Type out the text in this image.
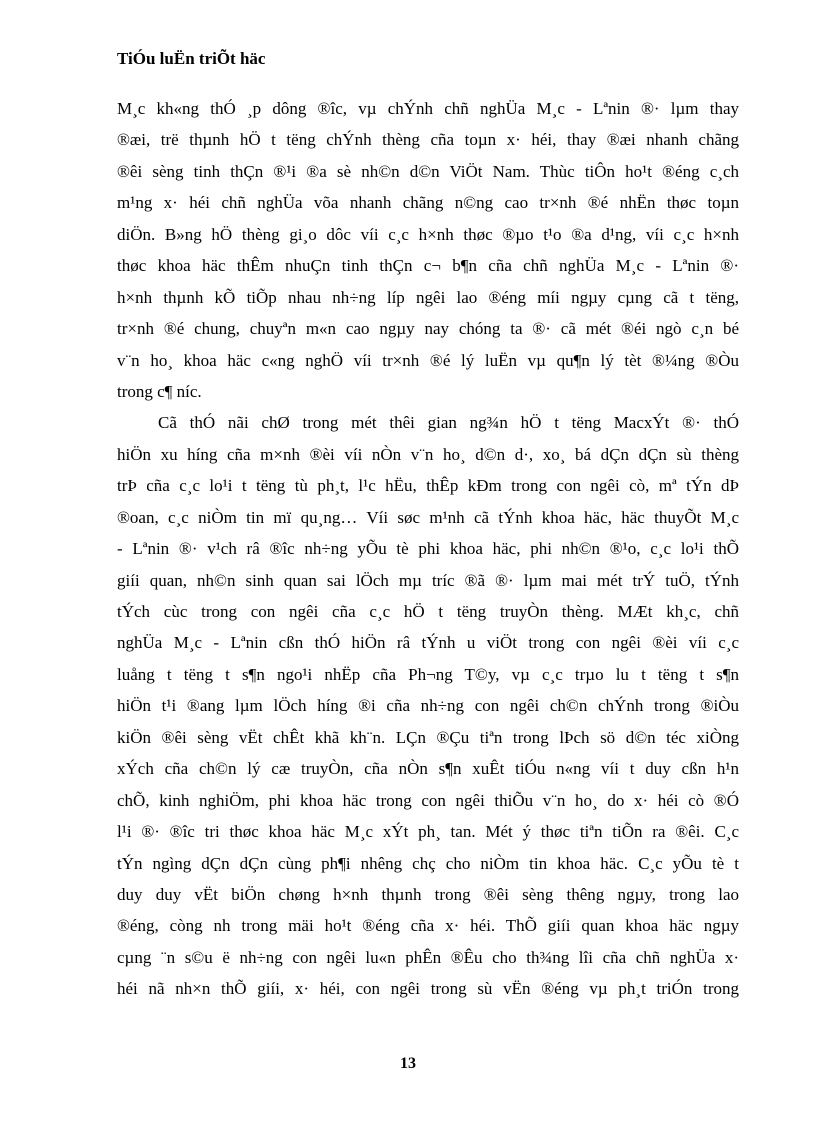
TiÓu luËn triÕt häc
M¸c kh«ng thÓ ¸p dông ®îc, vµ chÝnh chñ nghÜa M¸c - Lªnin ®· lµm thay
®æi, trë thµnh hÖ t tëng chÝnh thèng cña toµn x· héi, thay ®æi nhanh chãng
®êi sèng tinh thÇn ®¹i ®a sè nh©n d©n ViÖt Nam. Thùc tiÔn ho¹t ®éng c¸ch
m¹ng x· héi chñ nghÜa võa nhanh chãng n©ng cao tr×nh ®é nhËn thøc toµn
diÖn. B»ng hÖ thèng gi¸o dôc víi c¸c h×nh thøc ®µo t¹o ®a d¹ng, víi c¸c h×nh
thøc khoa häc thÊm nhuÇn tinh thÇn c¬ b¶n cña chñ nghÜa M¸c - Lªnin ®·
h×nh thµnh kÕ tiÕp nhau nh÷ng líp ngêi lao ®éng míi ngµy cµng cã t tëng,
tr×nh ®é chung, chuyªn m«n cao ngµy nay chóng ta ®· cã mét ®éi ngò c¸n bé
v¨n ho¸ khoa häc c«ng nghÖ víi tr×nh ®é lý luËn vµ qu¶n lý tèt ®¼ng ®Òu
trong c¶ níc.
Cã thÓ nãi chØ trong mét thêi gian ng¾n hÖ t tëng MacxÝt ®· thÓ
hiÖn xu híng cña m×nh ®èi víi nÒn v¨n ho¸ d©n d·, xo¸ bá dÇn dÇn sù thèng
trÞ cña c¸c lo¹i t tëng tù ph¸t, l¹c hËu, thÊp kÐm trong con ngêi cò, mª tÝn dÞ
®oan, c¸c niÒm tin mï qu¸ng… Víi søc m¹nh cã tÝnh khoa häc, häc thuyÕt M¸c
- Lªnin ®· v¹ch râ ®îc nh÷ng yÕu tè phi khoa häc, phi nh©n ®¹o, c¸c lo¹i thÕ
giíi quan, nh©n sinh quan sai lÖch mµ tríc ®ã ®· lµm mai mét trÝ tuÖ, tÝnh
tÝch cùc trong con ngêi cña c¸c hÖ t tëng truyÒn thèng. MÆt kh¸c, chñ
nghÜa M¸c - Lªnin cßn thÓ hiÖn râ tÝnh u viÖt trong con ngêi ®èi víi c¸c
luång t tëng t s¶n ngo¹i nhËp cña Ph¬ng T©y, vµ c¸c trµo lu t tëng t s¶n
hiÖn t¹i ®ang lµm lÖch híng ®i cña nh÷ng con ngêi ch©n chÝnh trong ®iÒu
kiÖn ®êi sèng vËt chÊt khã kh¨n. LÇn ®Çu tiªn trong lÞch sö d©n téc xiÒng
xÝch cña ch©n lý cæ truyÒn, cña nÒn s¶n xuÊt tiÓu n«ng víi t duy cßn h¹n
chÕ, kinh nghiÖm, phi khoa häc trong con ngêi thiÕu v¨n ho¸ do x· héi cò ®Ó
l¹i ®· ®îc tri thøc khoa häc M¸c xÝt ph¸ tan. Mét ý thøc tiªn tiÕn ra ®êi. C¸c
tÝn ngìng dÇn dÇn cùng ph¶i nhêng chç cho niÒm tin khoa häc. C¸c yÕu tè t
duy duy vËt biÖn chøng h×nh thµnh trong ®êi sèng thêng ngµy, trong lao
®éng, còng nh trong mäi ho¹t ®éng cña x· héi. ThÕ giíi quan khoa häc ngµy
cµng ¨n s©u ë nh÷ng con ngêi lu«n phÊn ®Êu cho th¾ng lîi cña chñ nghÜa x·
héi nã nh×n thÕ giíi, x· héi, con ngêi trong sù vËn ®éng vµ ph¸t triÓn trong
13
